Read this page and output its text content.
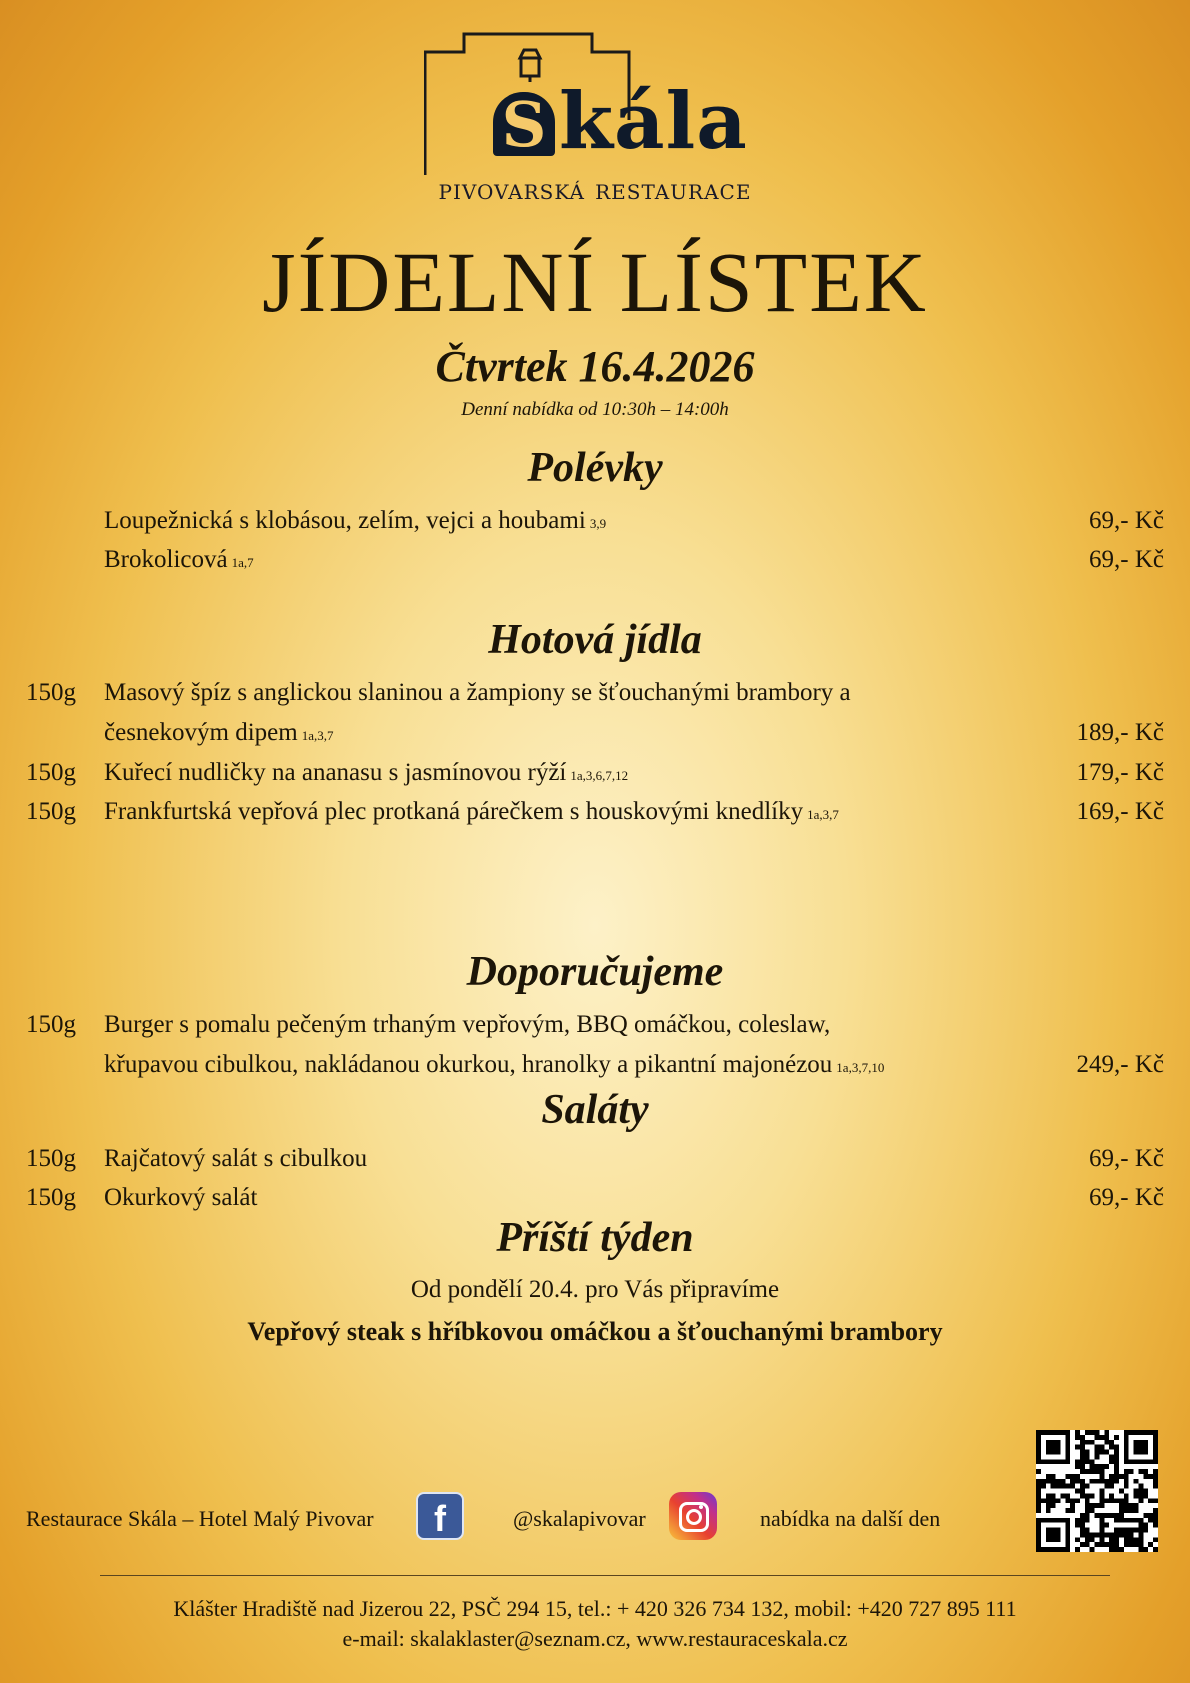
S kála
pivovarská restaurace
JÍDELNÍ LÍSTEK
Čtvrtek 16.4.2026
Denní nabídka od 10:30h – 14:00h
Polévky
Loupežnická s klobásou, zelím, vejci a houbami 3,9	69,- Kč
Brokolicová 1a,7	69,- Kč
Hotová jídla
150g Masový špíz s anglickou slaninou a žampiony se šťouchanými brambory a
česnekovým dipem 1a,3,7	189,- Kč
150g Kuřecí nudličky na ananasu s jasmínovou rýží 1a,3,6,7,12	179,- Kč
150g Frankfurtská vepřová plec protkaná párečkem s houskovými knedlíky 1a,3,7	169,- Kč
Doporučujeme
150g Burger s pomalu pečeným trhaným vepřovým, BBQ omáčkou, coleslaw,
křupavou cibulkou, nakládanou okurkou, hranolky a pikantní majonézou 1a,3,7,10	249,- Kč
Saláty
150g Rajčatový salát s cibulkou	69,- Kč
150g Okurkový salát	69,- Kč
Příští týden
Od pondělí 20.4. pro Vás připravíme
Vepřový steak s hříbkovou omáčkou a šťouchanými brambory
Restaurace Skála – Hotel Malý Pivovar	f	@skalapivovar	nabídka na další den
Klášter Hradiště nad Jizerou 22, PSČ 294 15, tel.: + 420 326 734 132, mobil: +420 727 895 111
e-mail: skalaklaster@seznam.cz, www.restauraceskala.cz
